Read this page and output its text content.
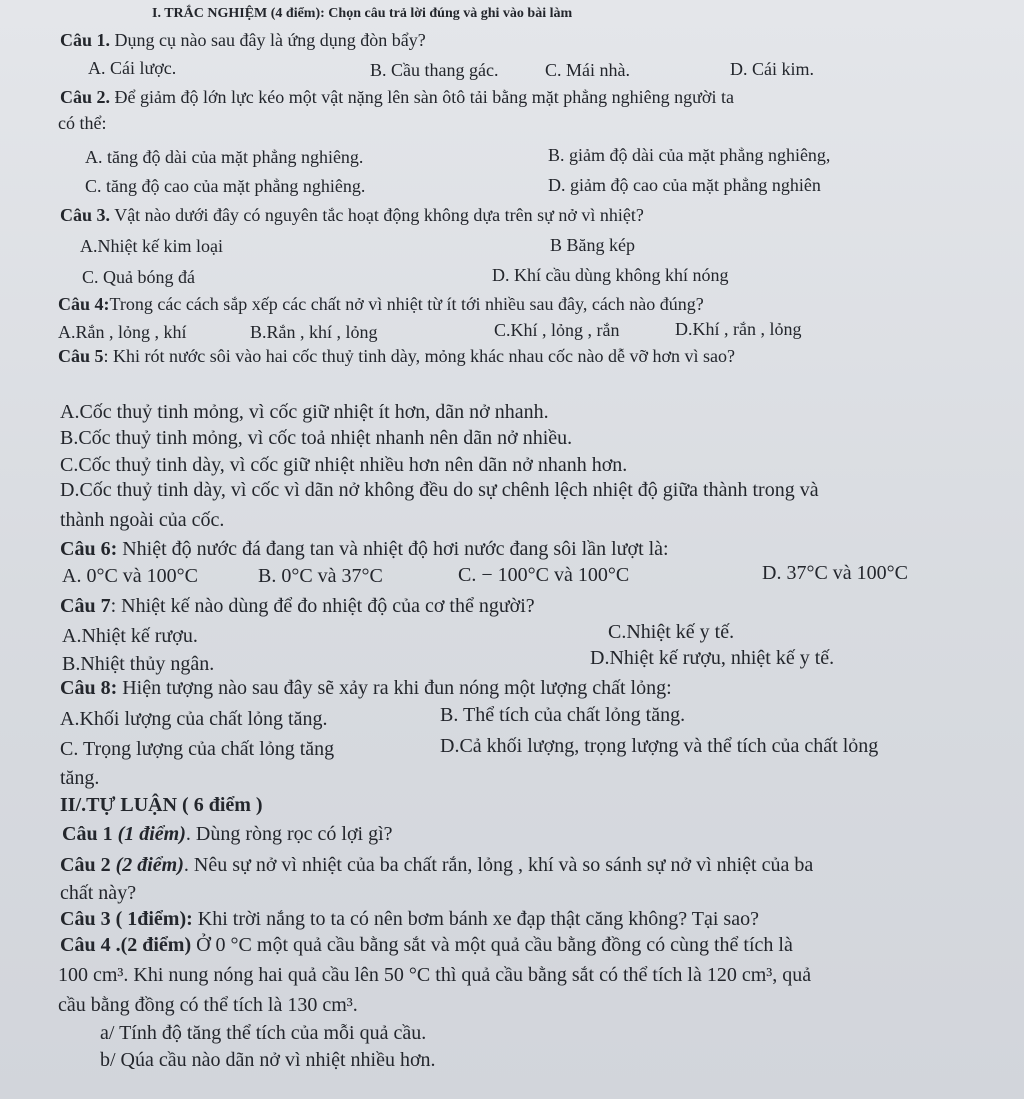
I. TRẮC NGHIỆM (4 điểm): Chọn câu trả lời đúng và ghi vào bài làm
Câu 1. Dụng cụ nào sau đây là ứng dụng đòn bẩy?
A. Cái lược.	B. Cầu thang gác.	C. Mái nhà.	D. Cái kim.
Câu 2. Để giảm độ lớn lực kéo một vật nặng lên sàn ôtô tải bằng mặt phẳng nghiêng người ta
có thể:
A. tăng độ dài của mặt phẳng nghiêng.	B. giảm độ dài của mặt phẳng nghiêng,
C. tăng độ cao của mặt phẳng nghiêng.	D. giảm độ cao của mặt phẳng nghiên
Câu 3. Vật nào dưới đây có nguyên tắc hoạt động không dựa trên sự nở vì nhiệt?
A.Nhiệt kế kim loại	B Băng kép
C. Quả bóng đá	D. Khí cầu dùng không khí nóng
Câu 4:Trong các cách sắp xếp các chất nở vì nhiệt từ ít tới nhiều sau đây, cách nào đúng?
A.Rắn , lỏng , khí	B.Rắn , khí , lỏng	C.Khí , lỏng , rắn	D.Khí , rắn , lỏng
Câu 5: Khi rót nước sôi vào hai cốc thuỷ tinh dày, mỏng khác nhau cốc nào dễ vỡ hơn vì sao?
A.Cốc thuỷ tinh mỏng, vì cốc giữ nhiệt ít hơn, dãn nở nhanh.
B.Cốc thuỷ tinh mỏng, vì cốc toả nhiệt nhanh nên dãn nở nhiều.
C.Cốc thuỷ tinh dày, vì cốc giữ nhiệt nhiều hơn nên dãn nở nhanh hơn.
D.Cốc thuỷ tinh dày, vì cốc vì dãn nở không đều do sự chênh lệch nhiệt độ giữa thành trong và
thành ngoài của cốc.
Câu 6: Nhiệt độ nước đá đang tan và nhiệt độ hơi nước đang sôi lần lượt là:
A. 0°C và 100°C	B. 0°C và 37°C	C. − 100°C và 100°C	D. 37°C và 100°C
Câu 7: Nhiệt kế nào dùng để đo nhiệt độ của cơ thể người?
A.Nhiệt kế rượu.	C.Nhiệt kế y tế.
B.Nhiệt thủy ngân.	D.Nhiệt kế rượu, nhiệt kế y tế.
Câu 8: Hiện tượng nào sau đây sẽ xảy ra khi đun nóng một lượng chất lỏng:
A.Khối lượng của chất lỏng tăng.	B. Thể tích của chất lỏng tăng.
C. Trọng lượng của chất lỏng tăng	D.Cả khối lượng, trọng lượng và thể tích của chất lỏng
tăng.
II/.TỰ LUẬN ( 6 điểm )
Câu 1 (1 điểm). Dùng ròng rọc có lợi gì?
Câu 2 (2 điểm). Nêu sự nở vì nhiệt của ba chất rắn, lỏng , khí và so sánh sự nở vì nhiệt của ba
chất này?
Câu 3 ( 1điểm): Khi trời nắng to ta có nên bơm bánh xe đạp thật căng không? Tại sao?
Câu 4 .(2 điểm) Ở 0 °C một quả cầu bằng sắt và một quả cầu bằng đồng có cùng thể tích là
100 cm³. Khi nung nóng hai quả cầu lên 50 °C thì quả cầu bằng sắt có thể tích là 120 cm³, quả
cầu bằng đồng có thể tích là 130 cm³.
a/ Tính độ tăng thể tích của mỗi quả cầu.
b/ Qúa cầu nào dãn nở vì nhiệt nhiều hơn.
